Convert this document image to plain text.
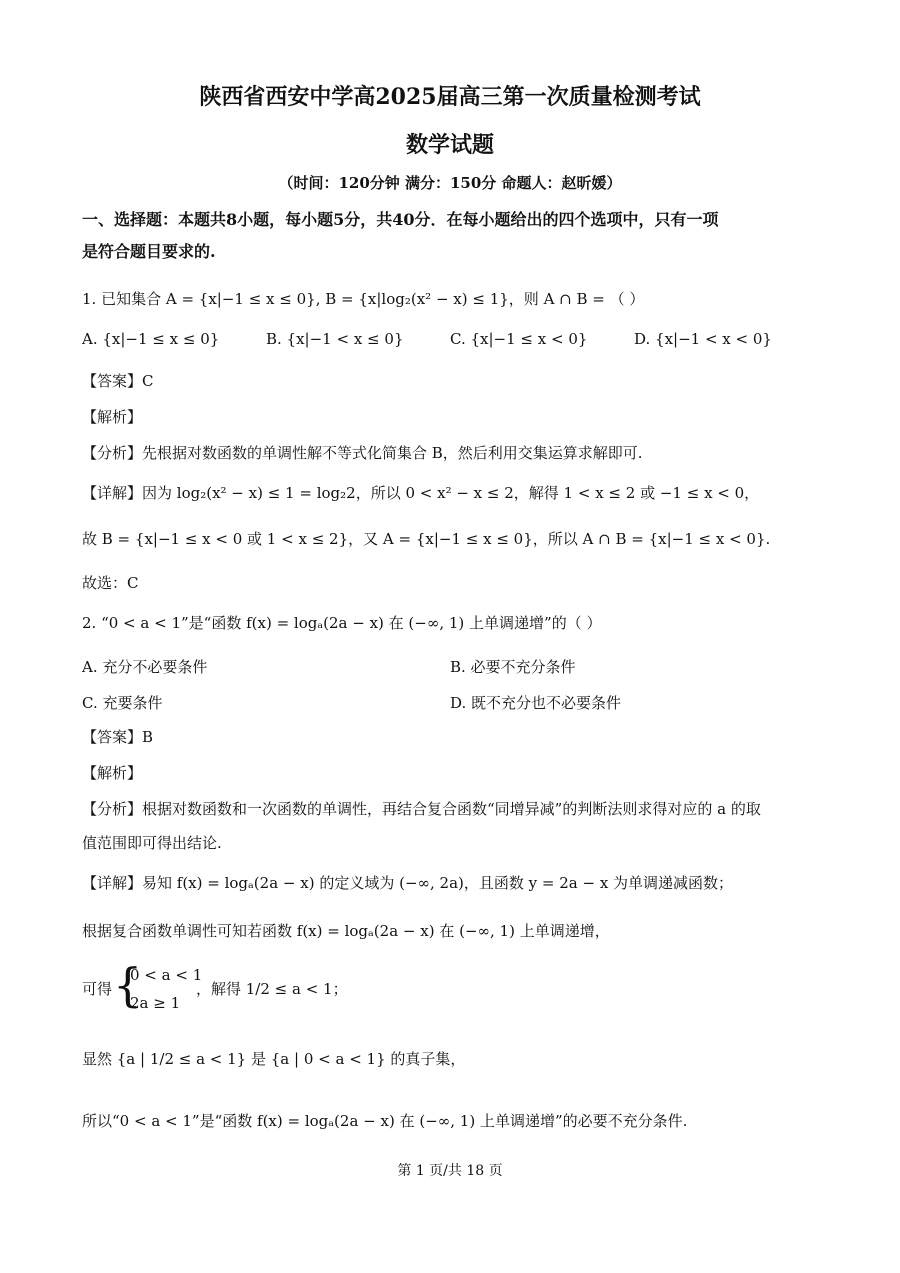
陕西省西安中学高2025届高三第一次质量检测考试
数学试题
（时间：120分钟 满分：150分 命题人：赵昕媛）
一、选择题：本题共8小题，每小题5分，共40分．在每小题给出的四个选项中，只有一项
是符合题目要求的.
1. 已知集合 A = {x|−1 ≤ x ≤ 0}, B = {x|log₂(x² − x) ≤ 1}，则 A ∩ B = （ ）
A. {x|−1 ≤ x ≤ 0}	B. {x|−1 < x ≤ 0}	C. {x|−1 ≤ x < 0}	D. {x|−1 < x < 0}
【答案】C
【解析】
【分析】先根据对数函数的单调性解不等式化简集合 B，然后利用交集运算求解即可.
【详解】因为 log₂(x² − x) ≤ 1 = log₂2，所以 0 < x² − x ≤ 2，解得 1 < x ≤ 2 或 −1 ≤ x < 0，
故 B = {x|−1 ≤ x < 0 或 1 < x ≤ 2}，又 A = {x|−1 ≤ x ≤ 0}，所以 A ∩ B = {x|−1 ≤ x < 0}.
故选：C
2. “0 < a < 1”是“函数 f(x) = logₐ(2a − x) 在 (−∞, 1) 上单调递增”的（ ）
A. 充分不必要条件	B. 必要不充分条件
C. 充要条件	D. 既不充分也不必要条件
【答案】B
【解析】
【分析】根据对数函数和一次函数的单调性，再结合复合函数“同增异减”的判断法则求得对应的 a 的取
值范围即可得出结论.
【详解】易知 f(x) = logₐ(2a − x) 的定义域为 (−∞, 2a)，且函数 y = 2a − x 为单调递减函数；
根据复合函数单调性可知若函数 f(x) = logₐ(2a − x) 在 (−∞, 1) 上单调递增，
可得 {
0 < a < 1
2a ≥ 1
，解得 1/2 ≤ a < 1；
显然 {a | 1/2 ≤ a < 1} 是 {a | 0 < a < 1} 的真子集，
所以“0 < a < 1”是“函数 f(x) = logₐ(2a − x) 在 (−∞, 1) 上单调递增”的必要不充分条件.
第 1 页/共 18 页
